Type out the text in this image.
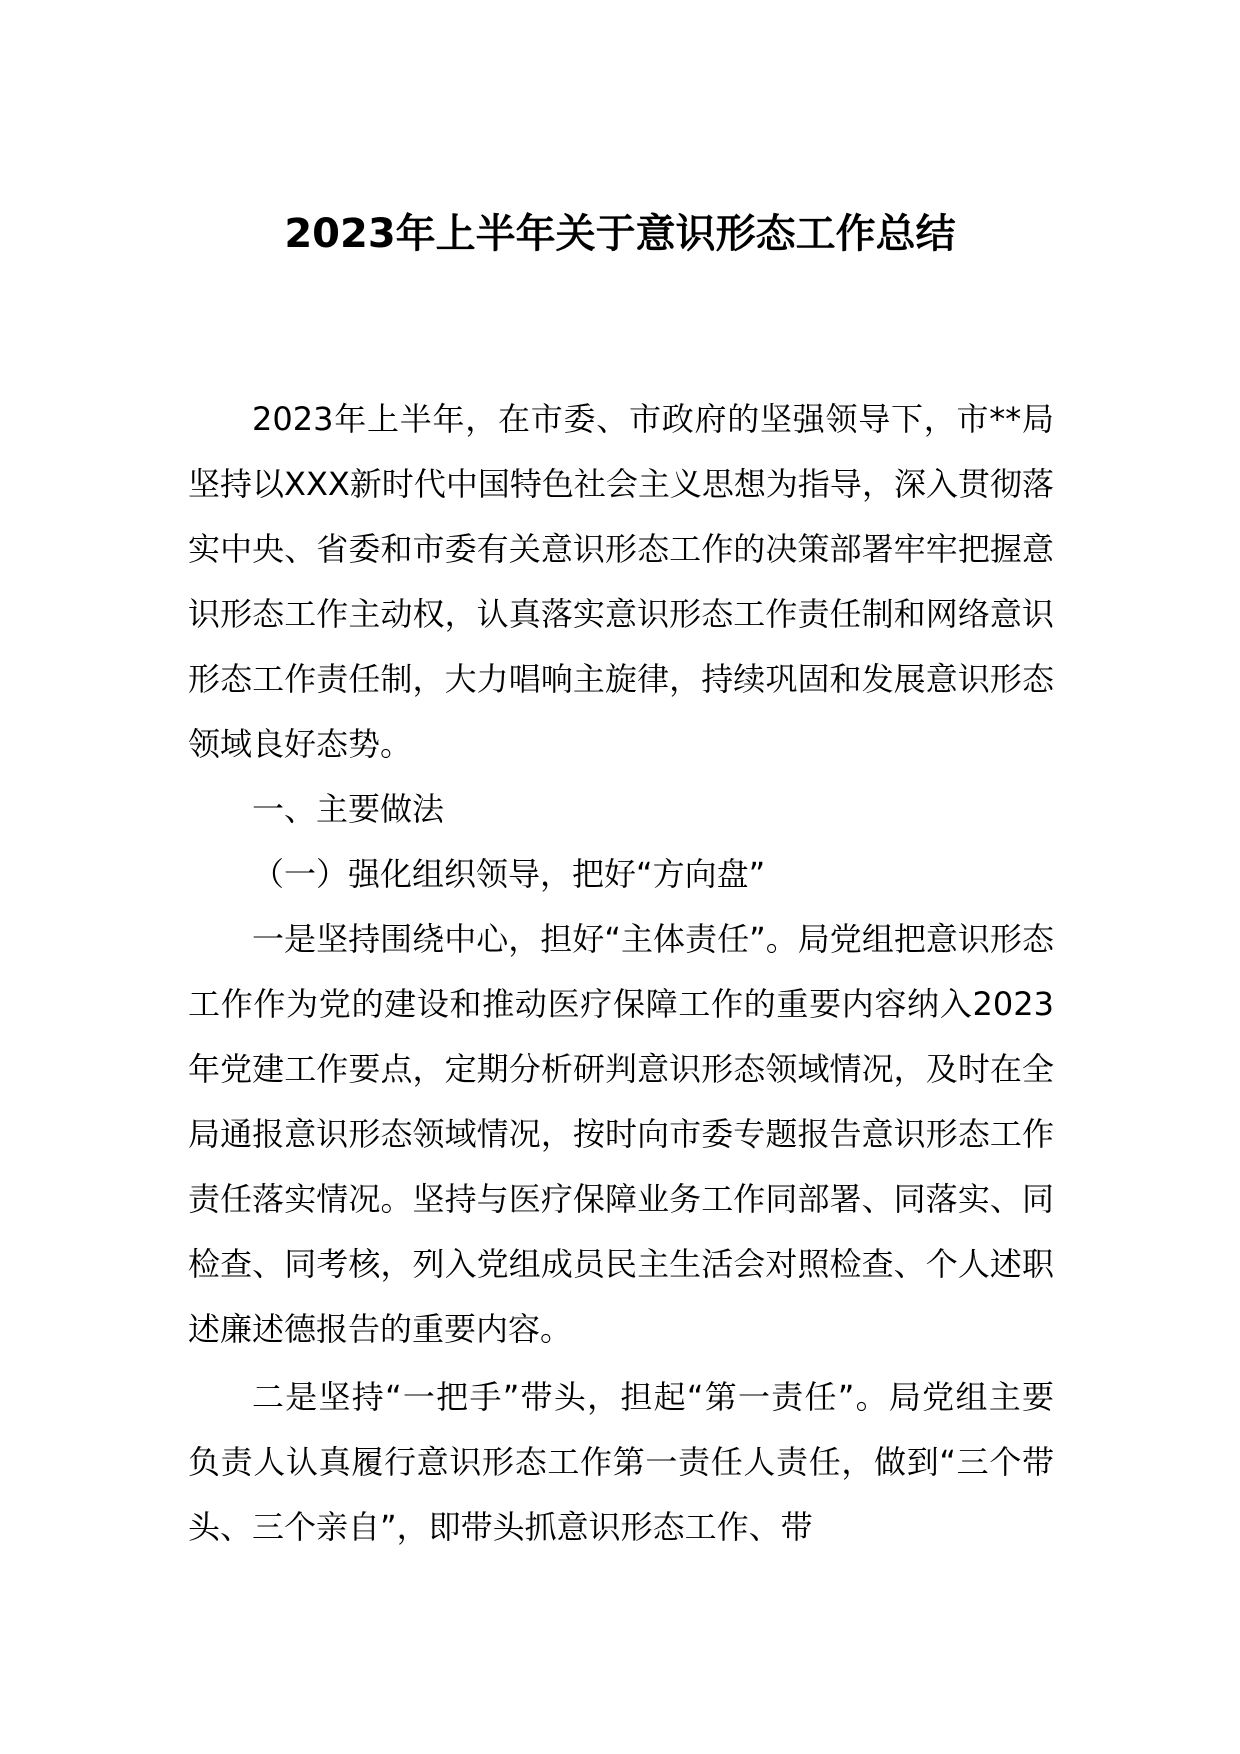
2023年上半年关于意识形态工作总结

2023年上半年，在市委、市政府的坚强领导下，市**局坚持以XXX新时代中国特色社会主义思想为指导，深入贯彻落实中央、省委和市委有关意识形态工作的决策部署牢牢把握意识形态工作主动权，认真落实意识形态工作责任制和网络意识形态工作责任制，大力唱响主旋律，持续巩固和发展意识形态领域良好态势。

一、主要做法

（一）强化组织领导，把好“方向盘”

一是坚持围绕中心，担好“主体责任”。局党组把意识形态工作作为党的建设和推动医疗保障工作的重要内容纳入2023年党建工作要点，定期分析研判意识形态领域情况，及时在全局通报意识形态领域情况，按时向市委专题报告意识形态工作责任落实情况。坚持与医疗保障业务工作同部署、同落实、同检查、同考核，列入党组成员民主生活会对照检查、个人述职述廉述德报告的重要内容。

二是坚持“一把手”带头，担起“第一责任”。局党组主要负责人认真履行意识形态工作第一责任人责任，做到“三个带头、三个亲自”，即带头抓意识形态工作、带
